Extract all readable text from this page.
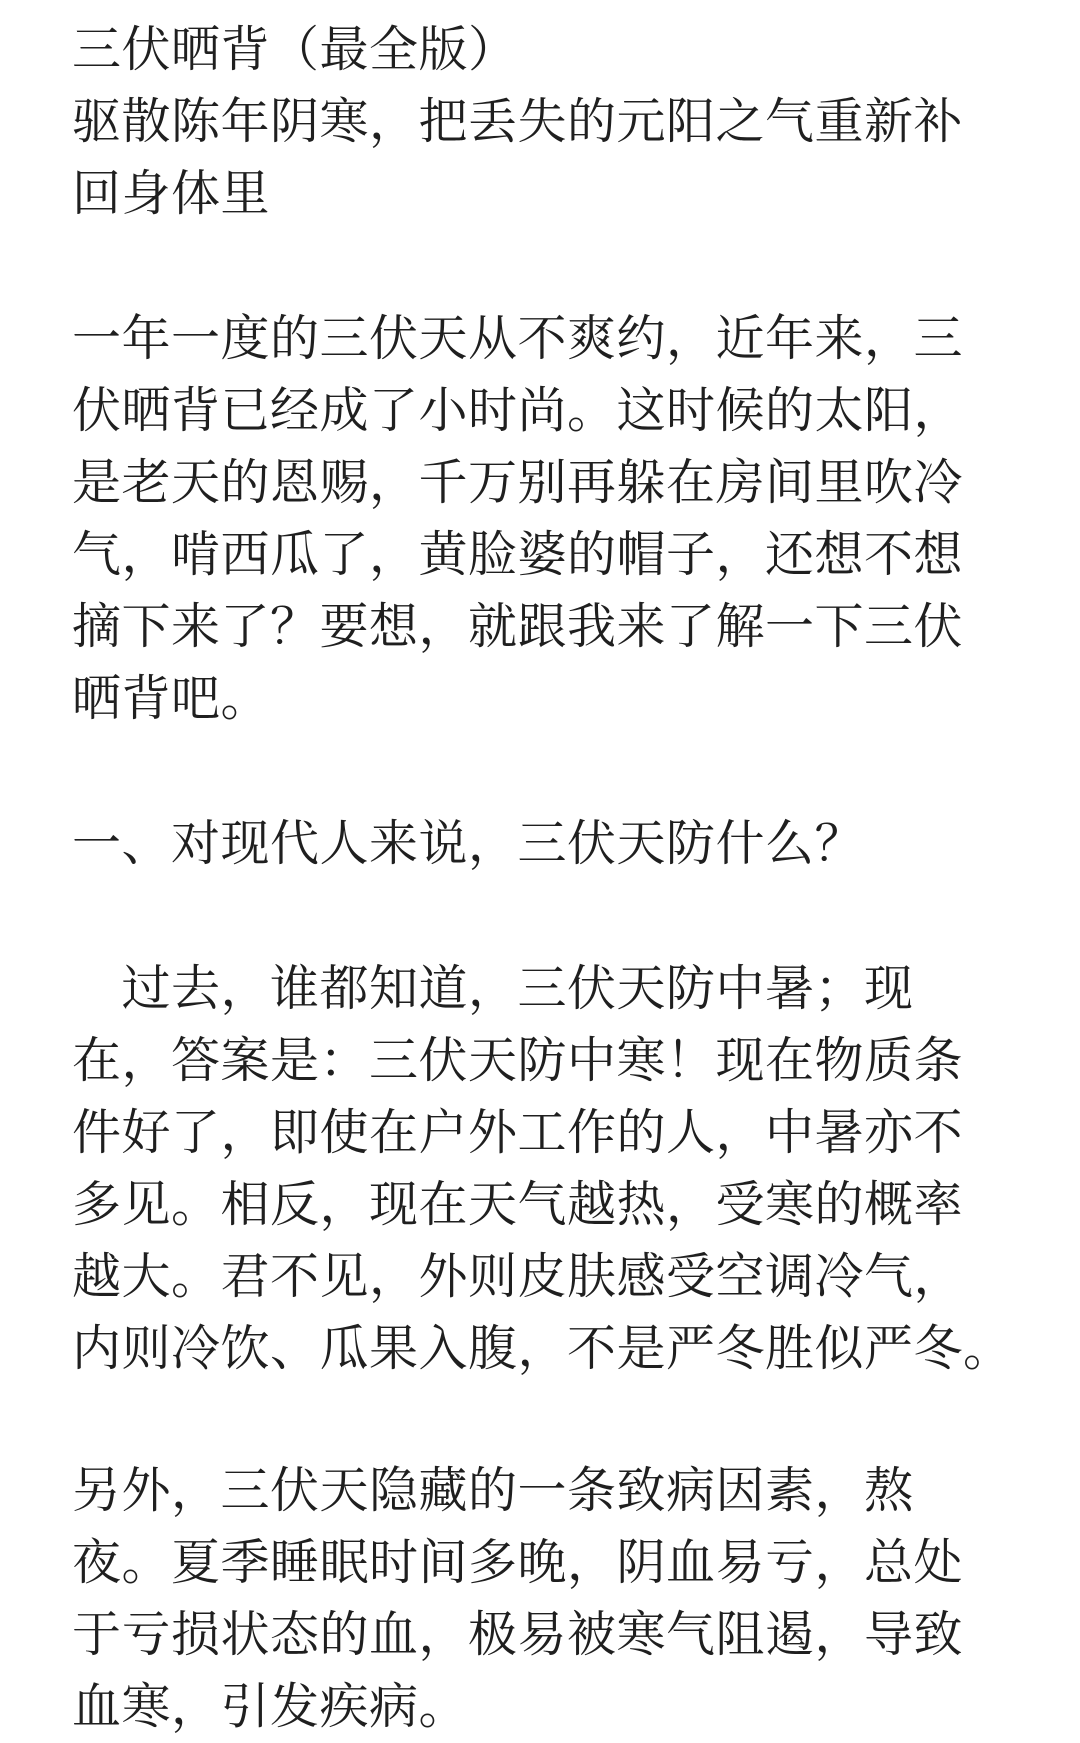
三伏晒背（最全版）
驱散陈年阴寒，把丢失的元阳之气重新补
回身体里
一年一度的三伏天从不爽约，近年来，三
伏晒背已经成了小时尚。这时候的太阳，
是老天的恩赐，千万别再躲在房间里吹冷
气，啃西瓜了，黄脸婆的帽子，还想不想
摘下来了？要想，就跟我来了解一下三伏
晒背吧。
一、对现代人来说，三伏天防什么？
　过去，谁都知道，三伏天防中暑；现
在，答案是：三伏天防中寒！现在物质条
件好了，即使在户外工作的人，中暑亦不
多见。相反，现在天气越热，受寒的概率
越大。君不见，外则皮肤感受空调冷气，
内则冷饮、瓜果入腹，不是严冬胜似严冬。
另外，三伏天隐藏的一条致病因素，熬
夜。夏季睡眠时间多晚，阴血易亏，总处
于亏损状态的血，极易被寒气阻遏，导致
血寒，引发疾病。
